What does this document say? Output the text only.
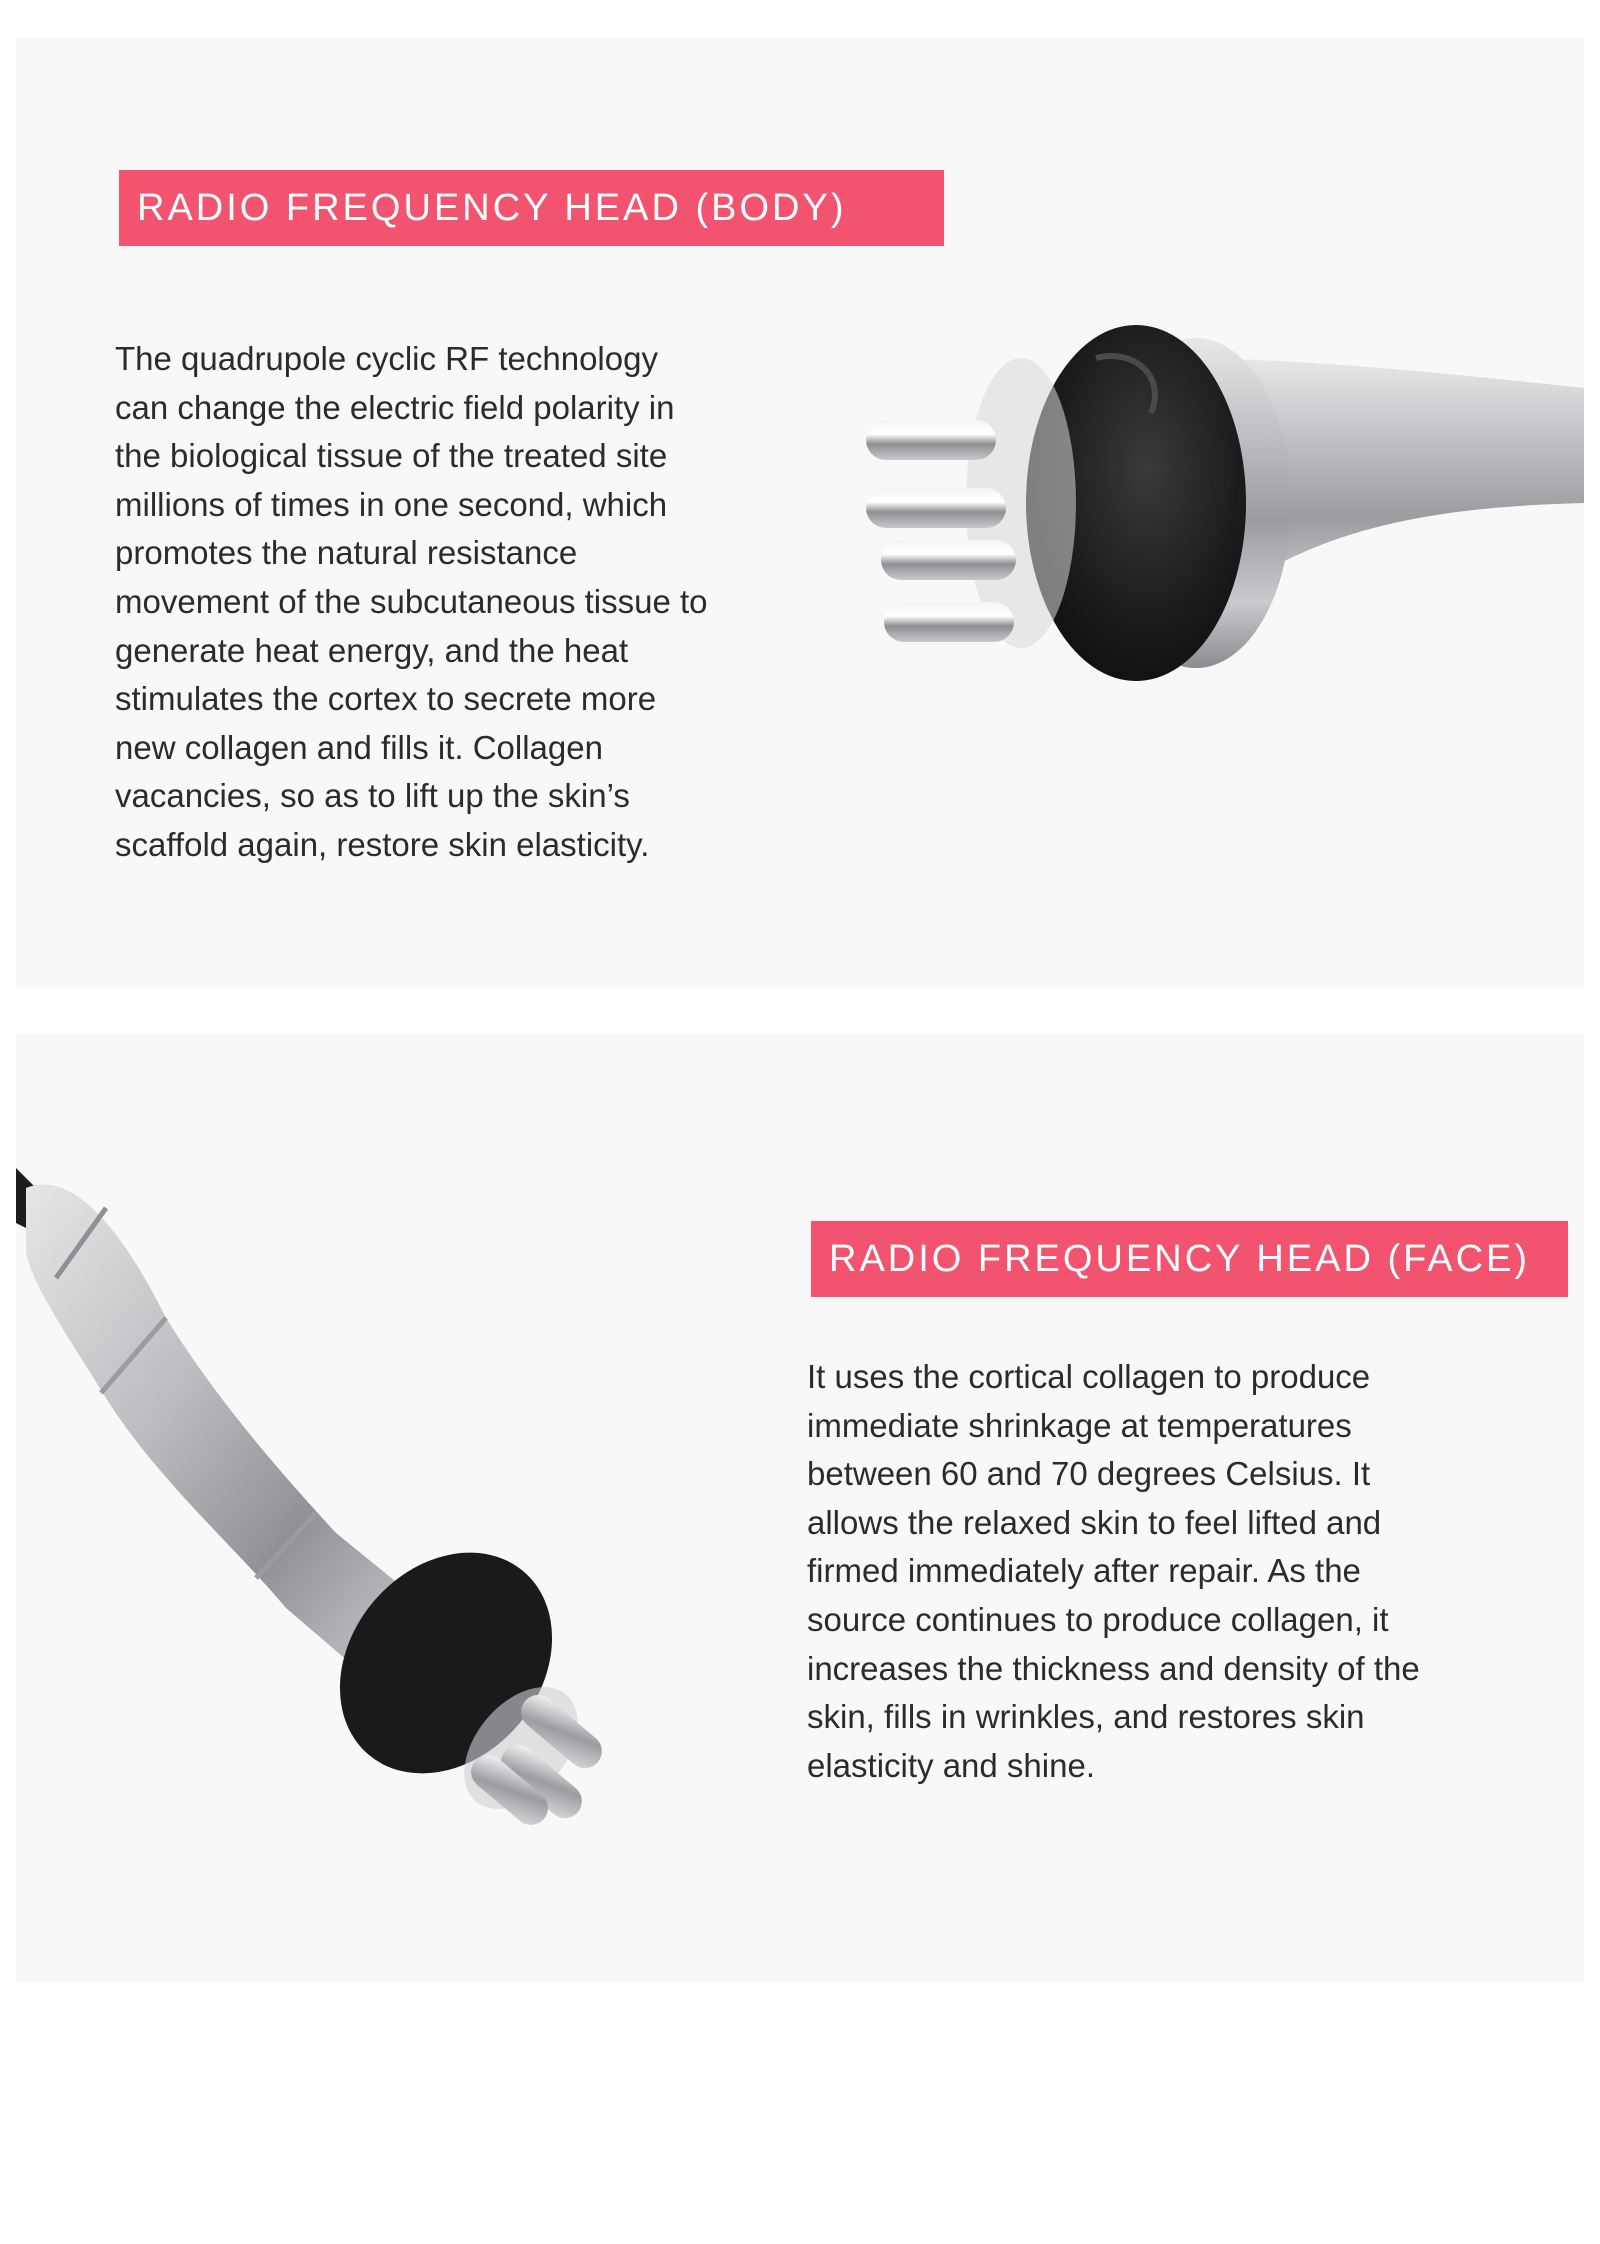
RADIO FREQUENCY HEAD (BODY)
The quadrupole cyclic RF technology
can change the electric field polarity in
the biological tissue of the treated site
millions of times in one second, which
promotes the natural resistance
movement of the subcutaneous tissue to
generate heat energy, and the heat
stimulates the cortex to secrete more
new collagen and fills it. Collagen
vacancies, so as to lift up the skin’s
scaffold again, restore skin elasticity.
RADIO FREQUENCY HEAD (FACE)
It uses the cortical collagen to produce
immediate shrinkage at temperatures
between 60 and 70 degrees Celsius. It
allows the relaxed skin to feel lifted and
firmed immediately after repair. As the
source continues to produce collagen, it
increases the thickness and density of the
skin, fills in wrinkles, and restores skin
elasticity and shine.
